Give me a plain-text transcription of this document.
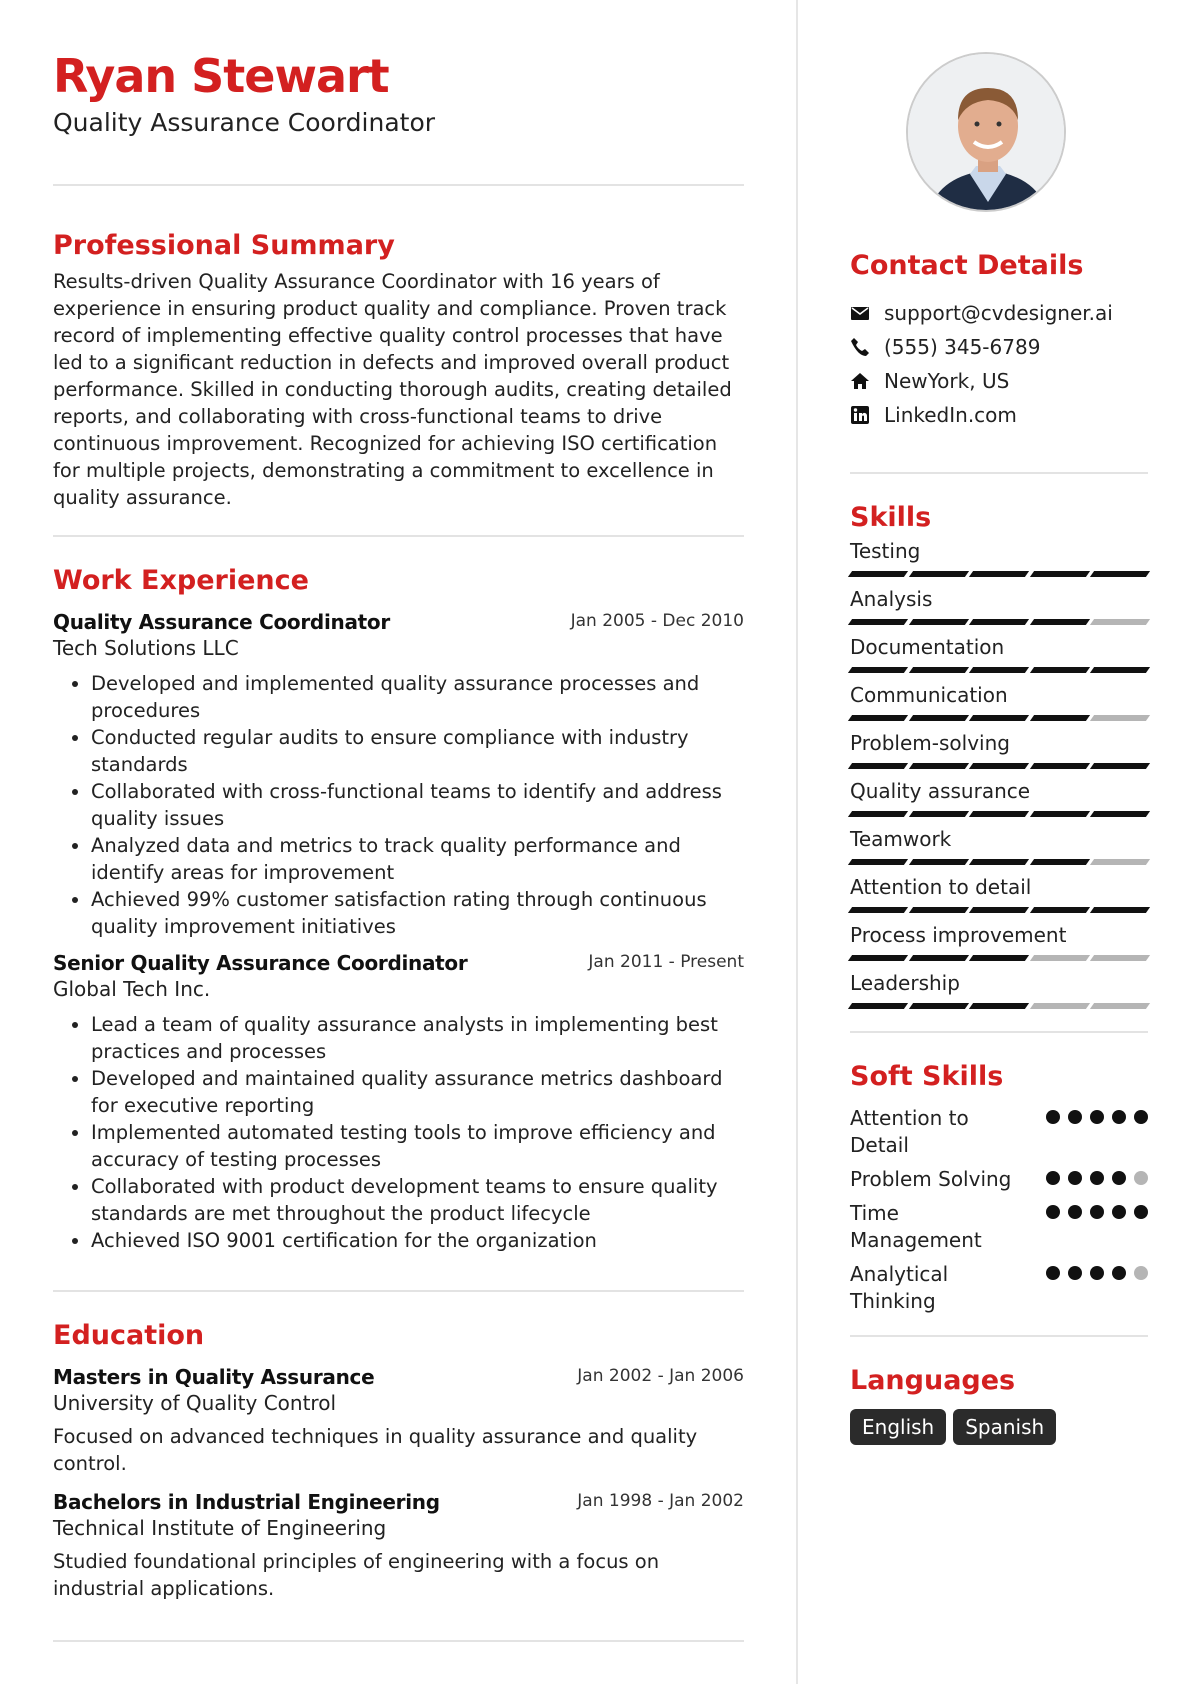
Ryan Stewart
Quality Assurance Coordinator
Professional Summary
Results-driven Quality Assurance Coordinator with 16 years of experience in ensuring product quality and compliance. Proven track record of implementing effective quality control processes that have led to a significant reduction in defects and improved overall product performance. Skilled in conducting thorough audits, creating detailed reports, and collaborating with cross-functional teams to drive continuous improvement. Recognized for achieving ISO certification for multiple projects, demonstrating a commitment to excellence in quality assurance.
Work Experience
Quality Assurance Coordinator	Jan 2005 - Dec 2010
Tech Solutions LLC
• Developed and implemented quality assurance processes and procedures
• Conducted regular audits to ensure compliance with industry standards
• Collaborated with cross-functional teams to identify and address quality issues
• Analyzed data and metrics to track quality performance and identify areas for improvement
• Achieved 99% customer satisfaction rating through continuous quality improvement initiatives
Senior Quality Assurance Coordinator	Jan 2011 - Present
Global Tech Inc.
• Lead a team of quality assurance analysts in implementing best practices and processes
• Developed and maintained quality assurance metrics dashboard for executive reporting
• Implemented automated testing tools to improve efficiency and accuracy of testing processes
• Collaborated with product development teams to ensure quality standards are met throughout the product lifecycle
• Achieved ISO 9001 certification for the organization
Education
Masters in Quality Assurance	Jan 2002 - Jan 2006
University of Quality Control
Focused on advanced techniques in quality assurance and quality control.
Bachelors in Industrial Engineering	Jan 1998 - Jan 2002
Technical Institute of Engineering
Studied foundational principles of engineering with a focus on industrial applications.
Contact Details
support@cvdesigner.ai
(555) 345-6789
NewYork, US
LinkedIn.com
Skills
Testing
Analysis
Documentation
Communication
Problem-solving
Quality assurance
Teamwork
Attention to detail
Process improvement
Leadership
Soft Skills
Attention to Detail
Problem Solving
Time Management
Analytical Thinking
Languages
English	Spanish
